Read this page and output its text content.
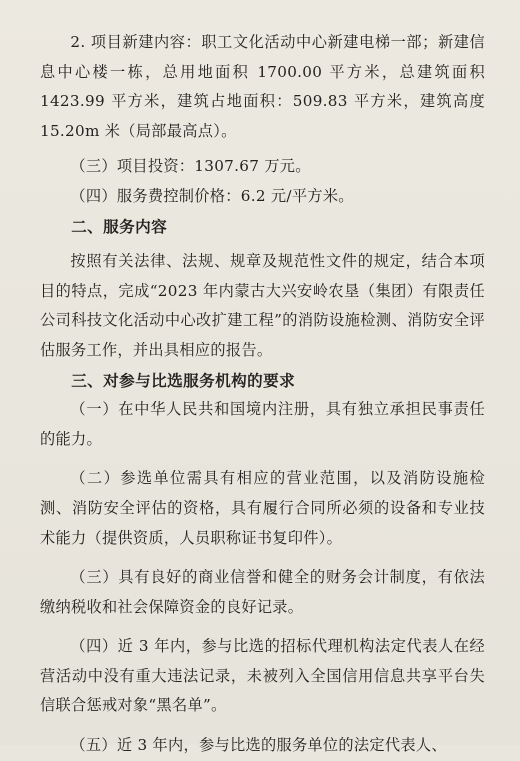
2. 项目新建内容：职工文化活动中心新建电梯一部；新建信息中心楼一栋，总用地面积 1700.00 平方米，总建筑面积 1423.99 平方米，建筑占地面积：509.83 平方米，建筑高度 15.20m 米（局部最高点）。

（三）项目投资：1307.67 万元。

（四）服务费控制价格：6.2 元/平方米。

二、服务内容

按照有关法律、法规、规章及规范性文件的规定，结合本项目的特点，完成“2023 年内蒙古大兴安岭农垦（集团）有限责任公司科技文化活动中心改扩建工程”的消防设施检测、消防安全评估服务工作，并出具相应的报告。

三、对参与比选服务机构的要求

（一）在中华人民共和国境内注册，具有独立承担民事责任的能力。

（二）参选单位需具有相应的营业范围，以及消防设施检测、消防安全评估的资格，具有履行合同所必须的设备和专业技术能力（提供资质，人员职称证书复印件）。

（三）具有良好的商业信誉和健全的财务会计制度，有依法缴纳税收和社会保障资金的良好记录。

（四）近 3 年内，参与比选的招标代理机构法定代表人在经营活动中没有重大违法记录，未被列入全国信用信息共享平台失信联合惩戒对象“黑名单”。

（五）近 3 年内，参与比选的服务单位的法定代表人、
